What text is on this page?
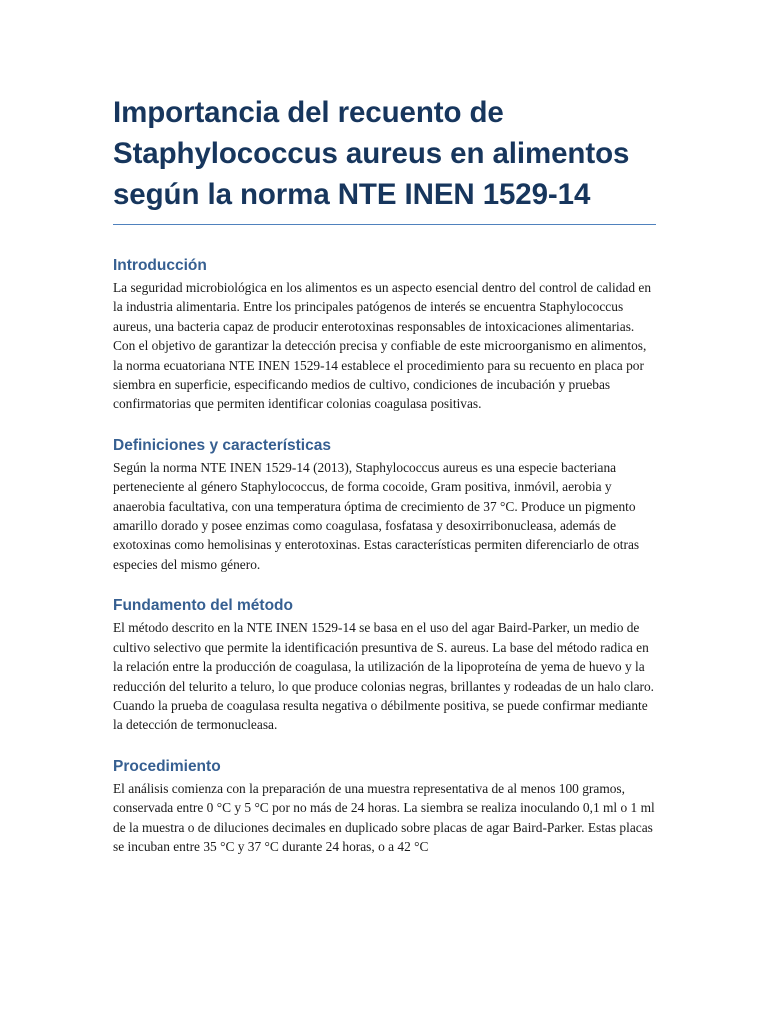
Importancia del recuento de Staphylococcus aureus en alimentos según la norma NTE INEN 1529-14
Introducción

La seguridad microbiológica en los alimentos es un aspecto esencial dentro del control de calidad en la industria alimentaria. Entre los principales patógenos de interés se encuentra Staphylococcus aureus, una bacteria capaz de producir enterotoxinas responsables de intoxicaciones alimentarias. Con el objetivo de garantizar la detección precisa y confiable de este microorganismo en alimentos, la norma ecuatoriana NTE INEN 1529-14 establece el procedimiento para su recuento en placa por siembra en superficie, especificando medios de cultivo, condiciones de incubación y pruebas confirmatorias que permiten identificar colonias coagulasa positivas.

Definiciones y características

Según la norma NTE INEN 1529-14 (2013), Staphylococcus aureus es una especie bacteriana perteneciente al género Staphylococcus, de forma cocoide, Gram positiva, inmóvil, aerobia y anaerobia facultativa, con una temperatura óptima de crecimiento de 37 °C. Produce un pigmento amarillo dorado y posee enzimas como coagulasa, fosfatasa y desoxirribonucleasa, además de exotoxinas como hemolisinas y enterotoxinas. Estas características permiten diferenciarlo de otras especies del mismo género.

Fundamento del método

El método descrito en la NTE INEN 1529-14 se basa en el uso del agar Baird-Parker, un medio de cultivo selectivo que permite la identificación presuntiva de S. aureus. La base del método radica en la relación entre la producción de coagulasa, la utilización de la lipoproteína de yema de huevo y la reducción del telurito a teluro, lo que produce colonias negras, brillantes y rodeadas de un halo claro. Cuando la prueba de coagulasa resulta negativa o débilmente positiva, se puede confirmar mediante la detección de termonucleasa.

Procedimiento

El análisis comienza con la preparación de una muestra representativa de al menos 100 gramos, conservada entre 0 °C y 5 °C por no más de 24 horas. La siembra se realiza inoculando 0,1 ml o 1 ml de la muestra o de diluciones decimales en duplicado sobre placas de agar Baird-Parker. Estas placas se incuban entre 35 °C y 37 °C durante 24 horas, o a 42 °C
